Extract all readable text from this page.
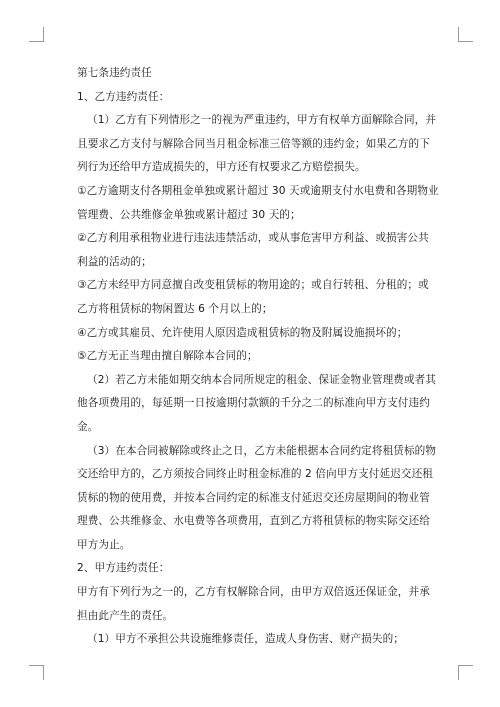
第七条违约责任

1、乙方违约责任：

（1）乙方有下列情形之一的视为严重违约，甲方有权单方面解除合同，并且要求乙方支付与解除合同当月租金标准三倍等额的违约金；如果乙方的下列行为还给甲方造成损失的，甲方还有权要求乙方赔偿损失。

①乙方逾期支付各期租金单独或累计超过 30 天或逾期支付水电费和各期物业管理费、公共维修金单独或累计超过 30 天的；

②乙方利用承租物业进行违法违禁活动，或从事危害甲方利益、或损害公共利益的活动的；

③乙方未经甲方同意擅自改变租赁标的物用途的；或自行转租、分租的；或乙方将租赁标的物闲置达 6 个月以上的；

④乙方或其雇员、允许使用人原因造成租赁标的物及附属设施损坏的；

⑤乙方无正当理由擅自解除本合同的；

（2）若乙方未能如期交纳本合同所规定的租金、保证金物业管理费或者其他各项费用的，每延期一日按逾期付款额的千分之二的标准向甲方支付违约金。

（3）在本合同被解除或终止之日，乙方未能根据本合同约定将租赁标的物交还给甲方的，乙方须按合同终止时租金标准的 2 倍向甲方支付延迟交还租赁标的物的使用费，并按本合同约定的标准支付延迟交还房屋期间的物业管理费、公共维修金、水电费等各项费用，直到乙方将租赁标的物实际交还给甲方为止。

2、甲方违约责任：

甲方有下列行为之一的，乙方有权解除合同，由甲方双倍返还保证金，并承担由此产生的责任。

（1）甲方不承担公共设施维修责任，造成人身伤害、财产损失的；
